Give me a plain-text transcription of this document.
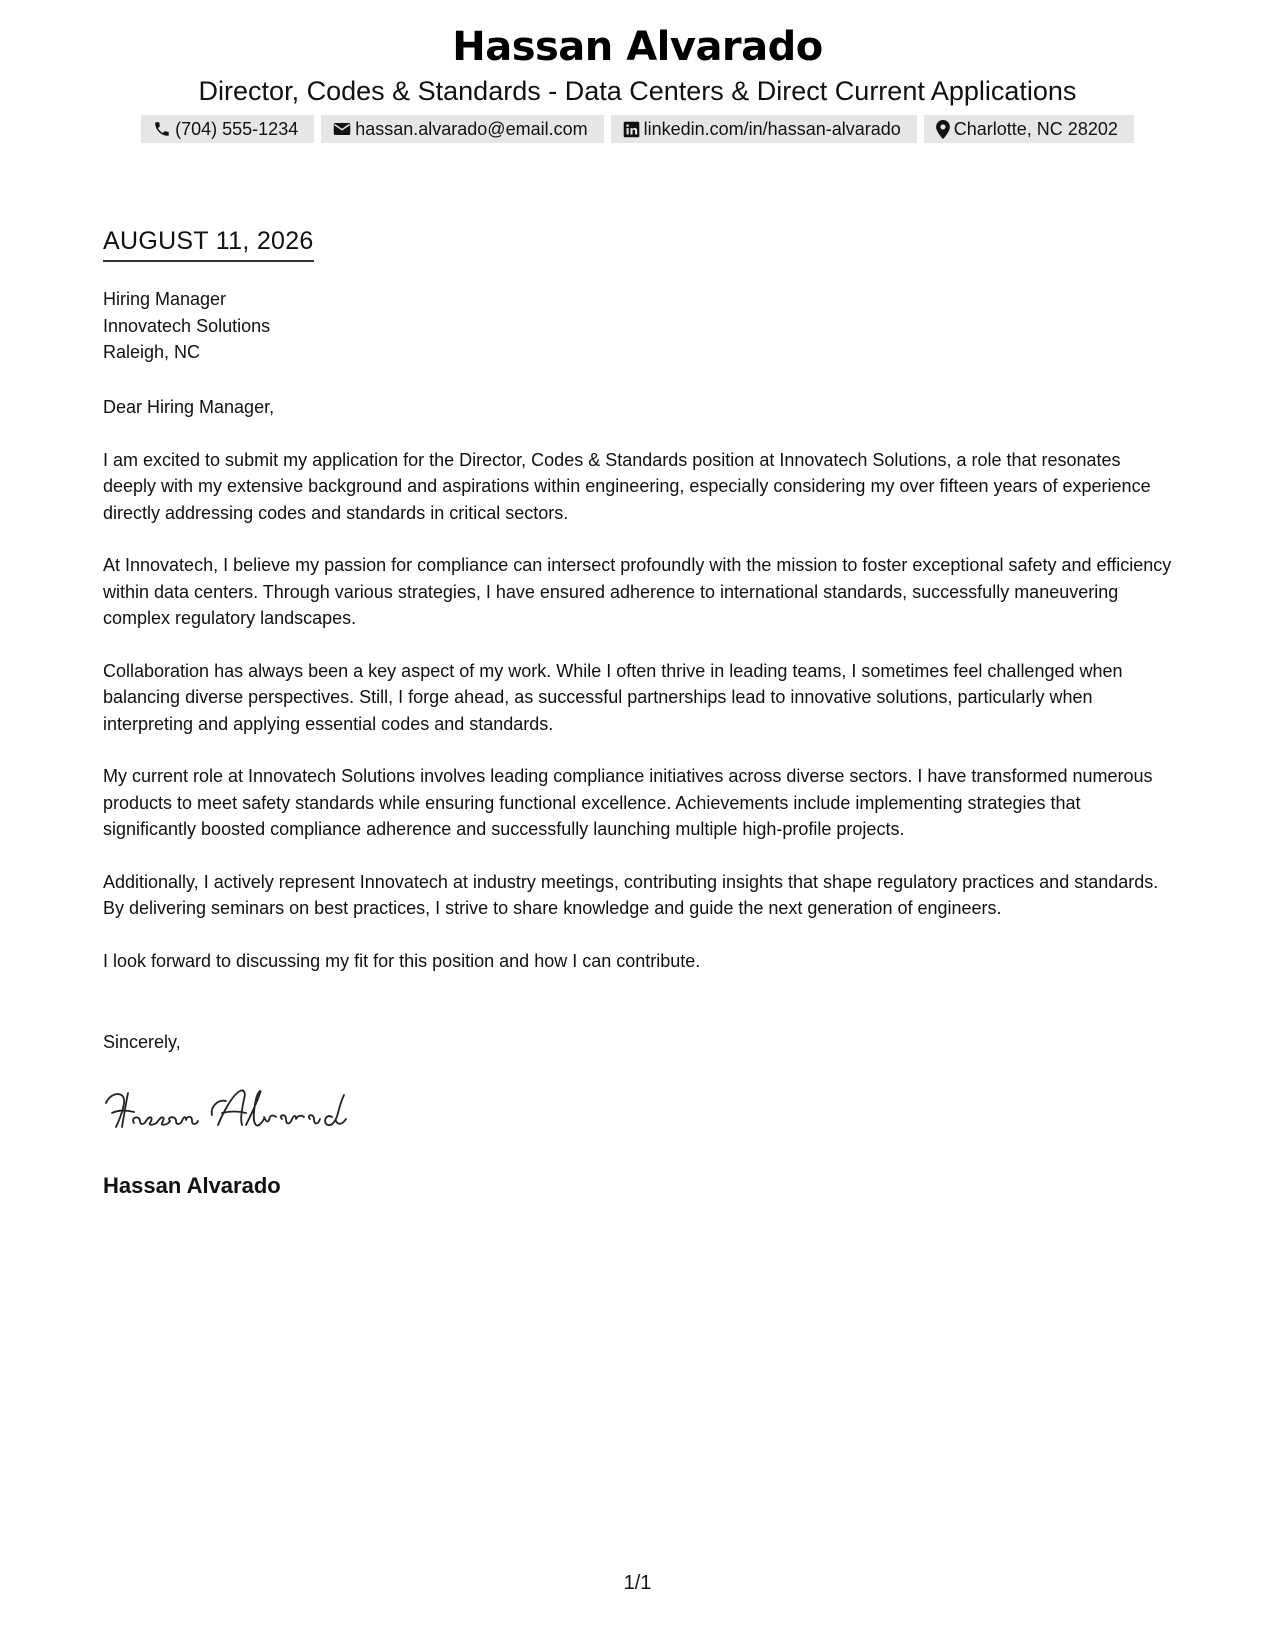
Hassan Alvarado
Director, Codes & Standards - Data Centers & Direct Current Applications
(704) 555-1234	hassan.alvarado@email.com	linkedin.com/in/hassan-alvarado	Charlotte, NC 28202
AUGUST 11, 2026
Hiring Manager
Innovatech Solutions
Raleigh, NC

Dear Hiring Manager,

I am excited to submit my application for the Director, Codes & Standards position at Innovatech Solutions, a role that resonates deeply with my extensive background and aspirations within engineering, especially considering my over fifteen years of experience directly addressing codes and standards in critical sectors.

At Innovatech, I believe my passion for compliance can intersect profoundly with the mission to foster exceptional safety and efficiency within data centers. Through various strategies, I have ensured adherence to international standards, successfully maneuvering complex regulatory landscapes.

Collaboration has always been a key aspect of my work. While I often thrive in leading teams, I sometimes feel challenged when balancing diverse perspectives. Still, I forge ahead, as successful partnerships lead to innovative solutions, particularly when interpreting and applying essential codes and standards.

My current role at Innovatech Solutions involves leading compliance initiatives across diverse sectors. I have transformed numerous products to meet safety standards while ensuring functional excellence. Achievements include implementing strategies that significantly boosted compliance adherence and successfully launching multiple high-profile projects.

Additionally, I actively represent Innovatech at industry meetings, contributing insights that shape regulatory practices and standards. By delivering seminars on best practices, I strive to share knowledge and guide the next generation of engineers.

I look forward to discussing my fit for this position and how I can contribute.

Sincerely,
Hassan Alvarado
1/1
